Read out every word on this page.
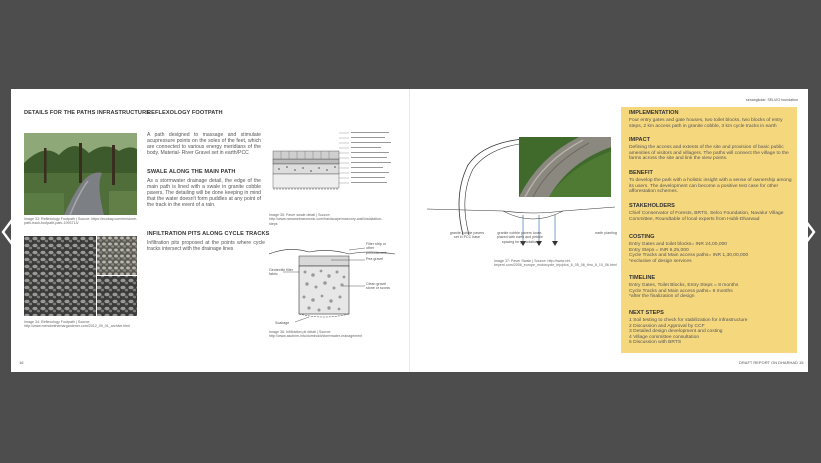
DETAILS FOR THE PATHS INFRASTRUCTURE
REFLEXOLOGY FOOTPATH
Image 33: Reflexology Footpath | Source: https://ecobay.com/en/stone-path-track-footpath-park-1993713/
Image 34: Reflexology Footpath | Source: http://www.mendonthemargardener.com/2012_09_01_archive.html
A path designed to massage and stimulate acupressure points on the soles of the feet, which are connected to various energy meridians of the body. Material- River Gravel set in earth/PCC
SWALE ALONG THE MAIN PATH
As a stormwater drainage detail, the edge of the main path is lined with a swale in granite cobble pavers. The detailing will be done keeping in mind that the water doesn't form puddles at any point of the track in the event of a rain.
INFILTRATION PITS ALONG CYCLE TRACKS
Infiltration pits proposed at the points where cycle tracks intersect with the drainage lines
Image 35: Paver swale detail | Source: http://www.ramanebrasmonic.com/hardscape/masonry-wall/installation-steps
Filter strip or other pretreatment
Pea gravel
Geotextile filter fabric
Clean gravel stone or scoria
Soakage
Image 36: Infiltration pit detail | Source: http://www.asoinim.info/dominoid/stormwater-management
16
senangkolar: SELVIO foundation
granite cobble pavers set in PCC base
granite cobble pavers loose-placed with earth and pebble spacing for percolation
earth planting
Image 37: Paver Swale | Source: http://www.virt-beyerri.com/2006_europe_motorcycle_trip/pics_6_05_06_thru_6_10_06.html
IMPLEMENTATION
Four entry gates and gate houses, two toilet blocks, two blocks of entry steps, 2 km access path in granite cobble, 3 km cycle tracks in earth
IMPACT
Defining the access and extents of the site and provision of basic public amenities of visitors and villagers. The paths will connect the village to the farms across the site and link the view points.
BENEFIT
To develop the park with a holistic insight with a sense of ownership among its users. The development can become a positive test case for other afforestation schemes.
STAKEHOLDERS
Chief Conservator of Forests, BRTS, Selco Foundation, Navalur Village Committee, Roundtable of local experts from Hubli-Dharwad
COSTING
Entry Gates and toilet blocks= INR 24,00,000
Entry Steps = INR 6,25,000
Cycle Tracks and Main access paths= INR 1,30,00,000
*exclusive of design services
TIMELINE
Entry Gates, Toilet Blocks, Entry Steps = 8 months
Cycle Tracks and Main access paths= 6 months
*after the finalization of design
NEXT STEPS
1 Soil testing to check for stabilization for infrastructure
2 Discussion and Approval by CCF
3 Detailed design development and costing
4 Village committee consultation
5 Discussion with BRTS
DRAFT REPORT ON DHARHAD 15
